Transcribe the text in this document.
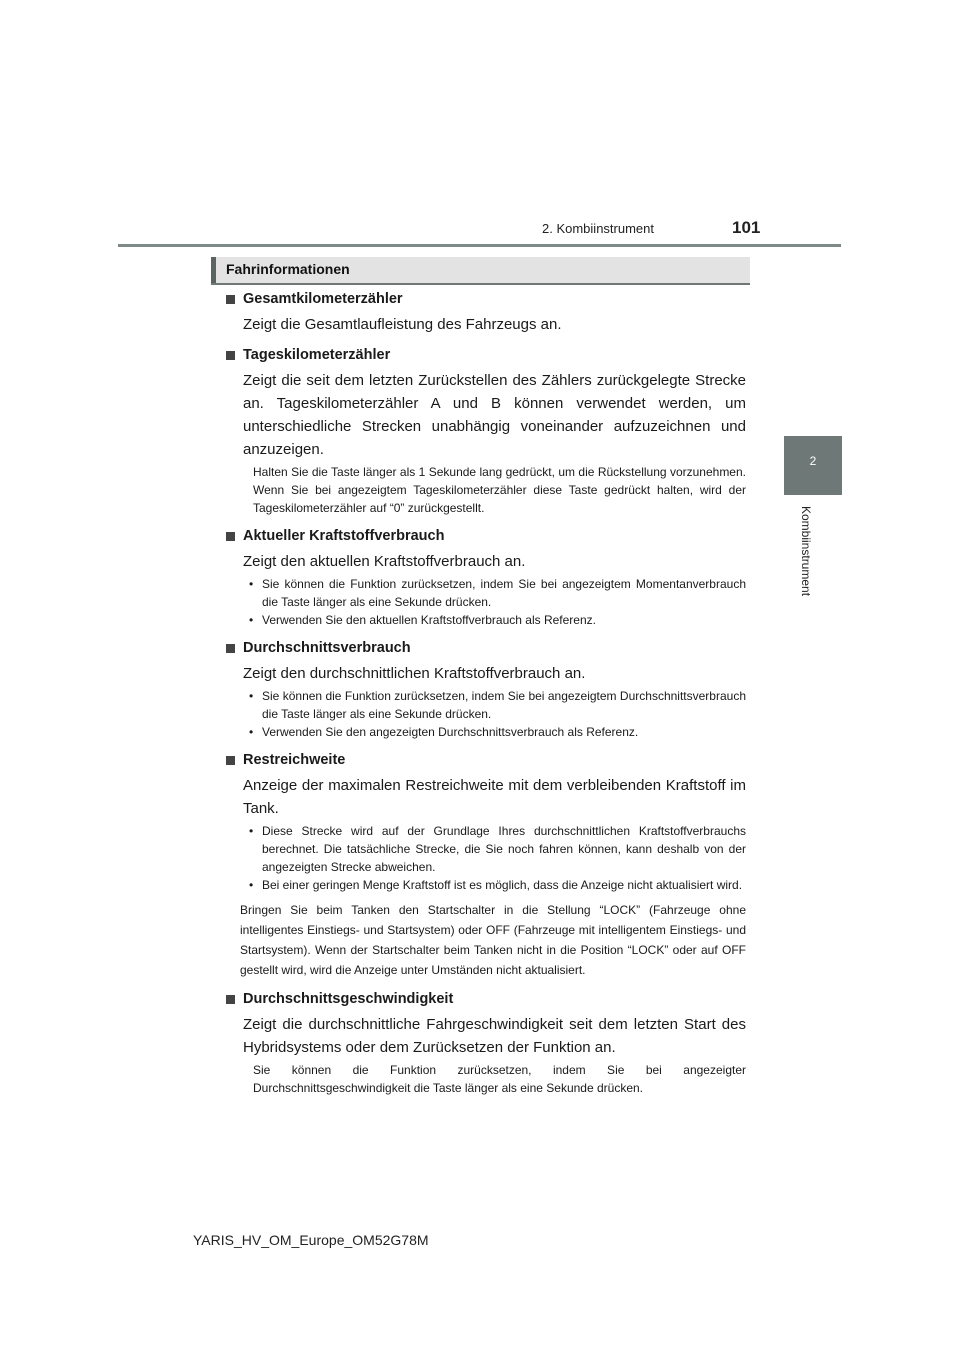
2. Kombiinstrument	101
2
Kombiinstrument
Fahrinformationen
Gesamtkilometerzähler
Zeigt die Gesamtlaufleistung des Fahrzeugs an.
Tageskilometerzähler
Zeigt die seit dem letzten Zurückstellen des Zählers zurückgelegte Strecke an. Tageskilometerzähler A und B können verwendet werden, um unterschiedliche Strecken unabhängig voneinander aufzuzeichnen und anzuzeigen.
Halten Sie die Taste länger als 1 Sekunde lang gedrückt, um die Rückstellung vorzunehmen. Wenn Sie bei angezeigtem Tageskilometerzähler diese Taste gedrückt halten, wird der Tageskilometerzähler auf “0” zurückgestellt.
Aktueller Kraftstoffverbrauch
Zeigt den aktuellen Kraftstoffverbrauch an.
• Sie können die Funktion zurücksetzen, indem Sie bei angezeigtem Momentanverbrauch die Taste länger als eine Sekunde drücken.
• Verwenden Sie den aktuellen Kraftstoffverbrauch als Referenz.
Durchschnittsverbrauch
Zeigt den durchschnittlichen Kraftstoffverbrauch an.
• Sie können die Funktion zurücksetzen, indem Sie bei angezeigtem Durchschnittsverbrauch die Taste länger als eine Sekunde drücken.
• Verwenden Sie den angezeigten Durchschnittsverbrauch als Referenz.
Restreichweite
Anzeige der maximalen Restreichweite mit dem verbleibenden Kraftstoff im Tank.
• Diese Strecke wird auf der Grundlage Ihres durchschnittlichen Kraftstoffverbrauchs berechnet. Die tatsächliche Strecke, die Sie noch fahren können, kann deshalb von der angezeigten Strecke abweichen.
• Bei einer geringen Menge Kraftstoff ist es möglich, dass die Anzeige nicht aktualisiert wird.
Bringen Sie beim Tanken den Startschalter in die Stellung “LOCK” (Fahrzeuge ohne intelligentes Einstiegs- und Startsystem) oder OFF (Fahrzeuge mit intelligentem Einstiegs- und Startsystem). Wenn der Startschalter beim Tanken nicht in die Position “LOCK” oder auf OFF gestellt wird, wird die Anzeige unter Umständen nicht aktualisiert.
Durchschnittsgeschwindigkeit
Zeigt die durchschnittliche Fahrgeschwindigkeit seit dem letzten Start des Hybridsystems oder dem Zurücksetzen der Funktion an.
Sie können die Funktion zurücksetzen, indem Sie bei angezeigter Durchschnittsgeschwindigkeit die Taste länger als eine Sekunde drücken.
YARIS_HV_OM_Europe_OM52G78M
